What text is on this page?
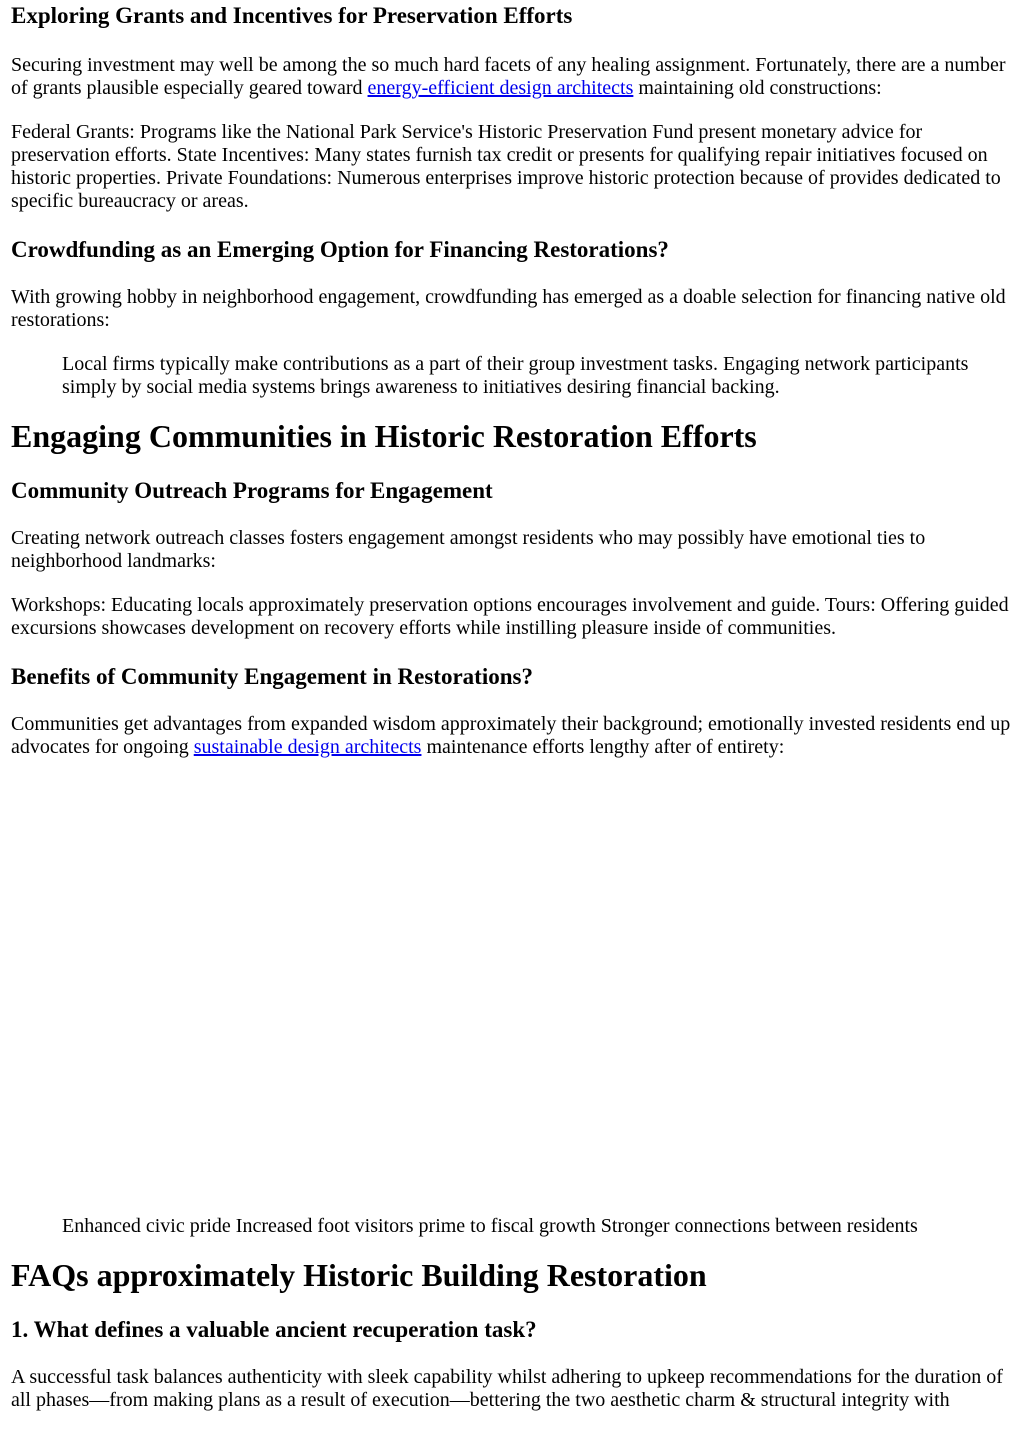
Exploring Grants and Incentives for Preservation Efforts

Securing investment may well be among the so much hard facets of any healing assignment. Fortunately, there are a number of grants plausible especially geared toward energy-efficient design architects maintaining old constructions:

Federal Grants: Programs like the National Park Service's Historic Preservation Fund present monetary advice for preservation efforts. State Incentives: Many states furnish tax credit or presents for qualifying repair initiatives focused on historic properties. Private Foundations: Numerous enterprises improve historic protection because of provides dedicated to specific bureaucracy or areas.

Crowdfunding as an Emerging Option for Financing Restorations?

With growing hobby in neighborhood engagement, crowdfunding has emerged as a doable selection for financing native old restorations:

Local firms typically make contributions as a part of their group investment tasks. Engaging network participants simply by social media systems brings awareness to initiatives desiring financial backing.
Engaging Communities in Historic Restoration Efforts
Community Outreach Programs for Engagement

Creating network outreach classes fosters engagement amongst residents who may possibly have emotional ties to neighborhood landmarks:

Workshops: Educating locals approximately preservation options encourages involvement and guide. Tours: Offering guided excursions showcases development on recovery efforts while instilling pleasure inside of communities.

Benefits of Community Engagement in Restorations?

Communities get advantages from expanded wisdom approximately their background; emotionally invested residents end up advocates for ongoing sustainable design architects maintenance efforts lengthy after of entirety:

Enhanced civic pride Increased foot visitors prime to fiscal growth Stronger connections between residents
FAQs approximately Historic Building Restoration
1. What defines a valuable ancient recuperation task?

A successful task balances authenticity with sleek capability whilst adhering to upkeep recommendations for the duration of all phases—from making plans as a result of execution—bettering the two aesthetic charm & structural integrity with
